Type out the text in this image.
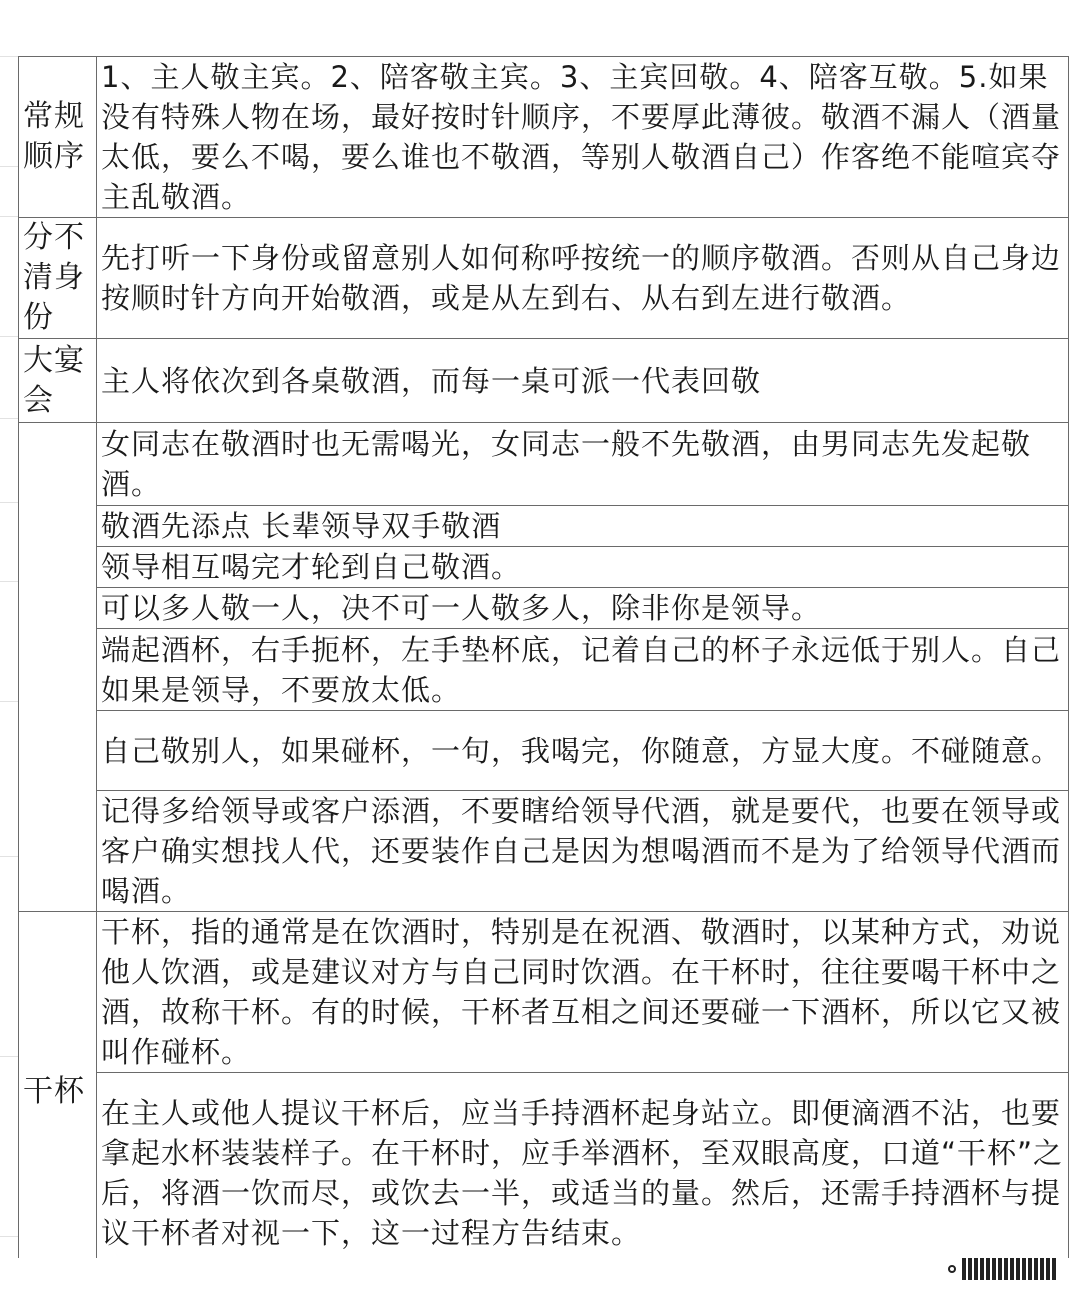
常规顺序	1、主人敬主宾。2、陪客敬主宾。3、主宾回敬。4、陪客互敬。5.如果没有特殊人物在场，最好按时针顺序，不要厚此薄彼。敬酒不漏人（酒量太低，要么不喝，要么谁也不敬酒，等别人敬酒自己）作客绝不能喧宾夺主乱敬酒。
分不清身份	先打听一下身份或留意别人如何称呼按统一的顺序敬酒。否则从自己身边按顺时针方向开始敬酒，或是从左到右、从右到左进行敬酒。
大宴会	主人将依次到各桌敬酒，而每一桌可派一代表回敬
	女同志在敬酒时也无需喝光，女同志一般不先敬酒，由男同志先发起敬酒。
	敬酒先添点 长辈领导双手敬酒
	领导相互喝完才轮到自己敬酒。
	可以多人敬一人，决不可一人敬多人，除非你是领导。
	端起酒杯，右手扼杯，左手垫杯底，记着自己的杯子永远低于别人。自己如果是领导，不要放太低。
	自己敬别人，如果碰杯，一句，我喝完，你随意，方显大度。不碰随意。
	记得多给领导或客户添酒，不要瞎给领导代酒，就是要代，也要在领导或客户确实想找人代，还要装作自己是因为想喝酒而不是为了给领导代酒而喝酒。
干杯	干杯，指的通常是在饮酒时，特别是在祝酒、敬酒时，以某种方式，劝说他人饮酒，或是建议对方与自己同时饮酒。在干杯时，往往要喝干杯中之酒，故称干杯。有的时候，干杯者互相之间还要碰一下酒杯，所以它又被叫作碰杯。
	在主人或他人提议干杯后，应当手持酒杯起身站立。即便滴酒不沾，也要拿起水杯装装样子。在干杯时，应手举酒杯，至双眼高度，口道“干杯”之后，将酒一饮而尽，或饮去一半，或适当的量。然后，还需手持酒杯与提议干杯者对视一下，这一过程方告结束。
